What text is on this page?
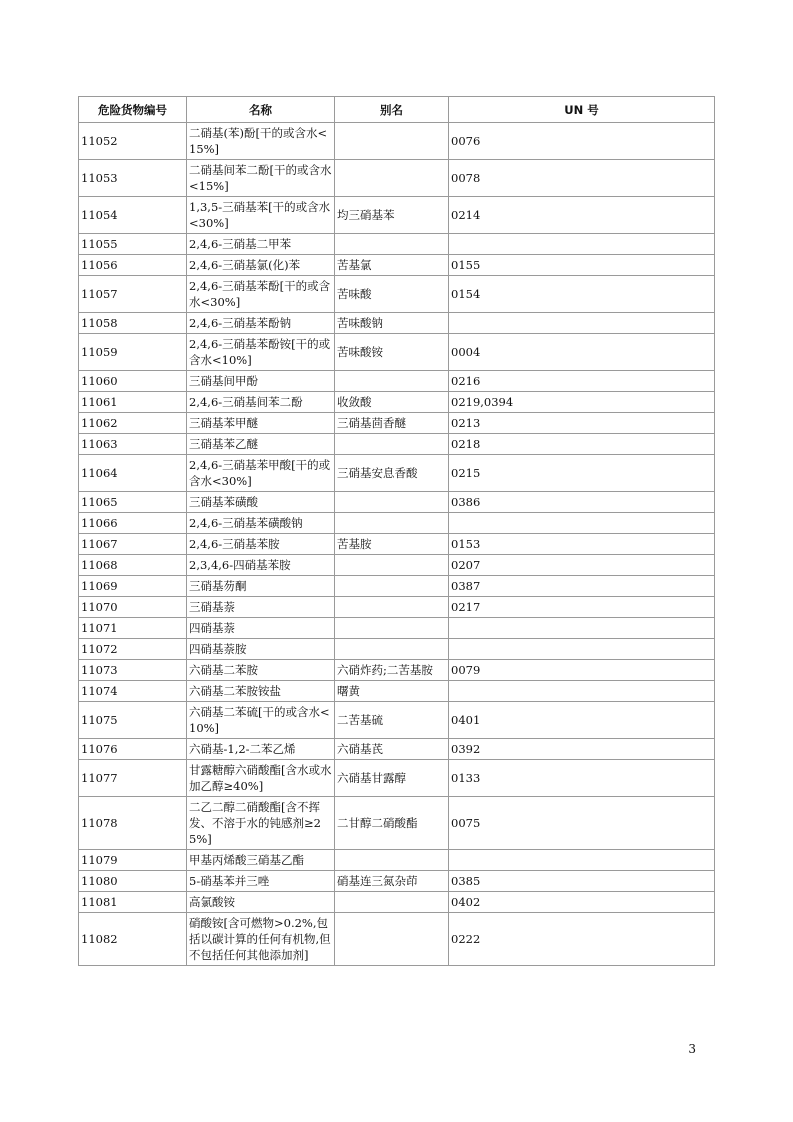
危险货物编号	名称	别名	UN 号
11052	二硝基(苯)酚[干的或含水<15%]		0076
11053	二硝基间苯二酚[干的或含水<15%]		0078
11054	1,3,5-三硝基苯[干的或含水<30%]	均三硝基苯	0214
11055	2,4,6-三硝基二甲苯		
11056	2,4,6-三硝基氯(化)苯	苦基氯	0155
11057	2,4,6-三硝基苯酚[干的或含水<30%]	苦味酸	0154
11058	2,4,6-三硝基苯酚钠	苦味酸钠	
11059	2,4,6-三硝基苯酚铵[干的或含水<10%]	苦味酸铵	0004
11060	三硝基间甲酚		0216
11061	2,4,6-三硝基间苯二酚	收敛酸	0219,0394
11062	三硝基苯甲醚	三硝基茴香醚	0213
11063	三硝基苯乙醚		0218
11064	2,4,6-三硝基苯甲酸[干的或含水<30%]	三硝基安息香酸	0215
11065	三硝基苯磺酸		0386
11066	2,4,6-三硝基苯磺酸钠		
11067	2,4,6-三硝基苯胺	苦基胺	0153
11068	2,3,4,6-四硝基苯胺		0207
11069	三硝基芴酮		0387
11070	三硝基萘		0217
11071	四硝基萘		
11072	四硝基萘胺		
11073	六硝基二苯胺	六硝炸药;二苦基胺	0079
11074	六硝基二苯胺铵盐	曙黄	
11075	六硝基二苯硫[干的或含水<10%]	二苦基硫	0401
11076	六硝基-1,2-二苯乙烯	六硝基芪	0392
11077	甘露糖醇六硝酸酯[含水或水加乙醇≥40%]	六硝基甘露醇	0133
11078	二乙二醇二硝酸酯[含不挥发、不溶于水的钝感剂≥25%]	二甘醇二硝酸酯	0075
11079	甲基丙烯酸三硝基乙酯		
11080	5-硝基苯并三唑	硝基连三氮杂茚	0385
11081	高氯酸铵		0402
11082	硝酸铵[含可燃物>0.2%,包括以碳计算的任何有机物,但不包括任何其他添加剂]		0222
3
